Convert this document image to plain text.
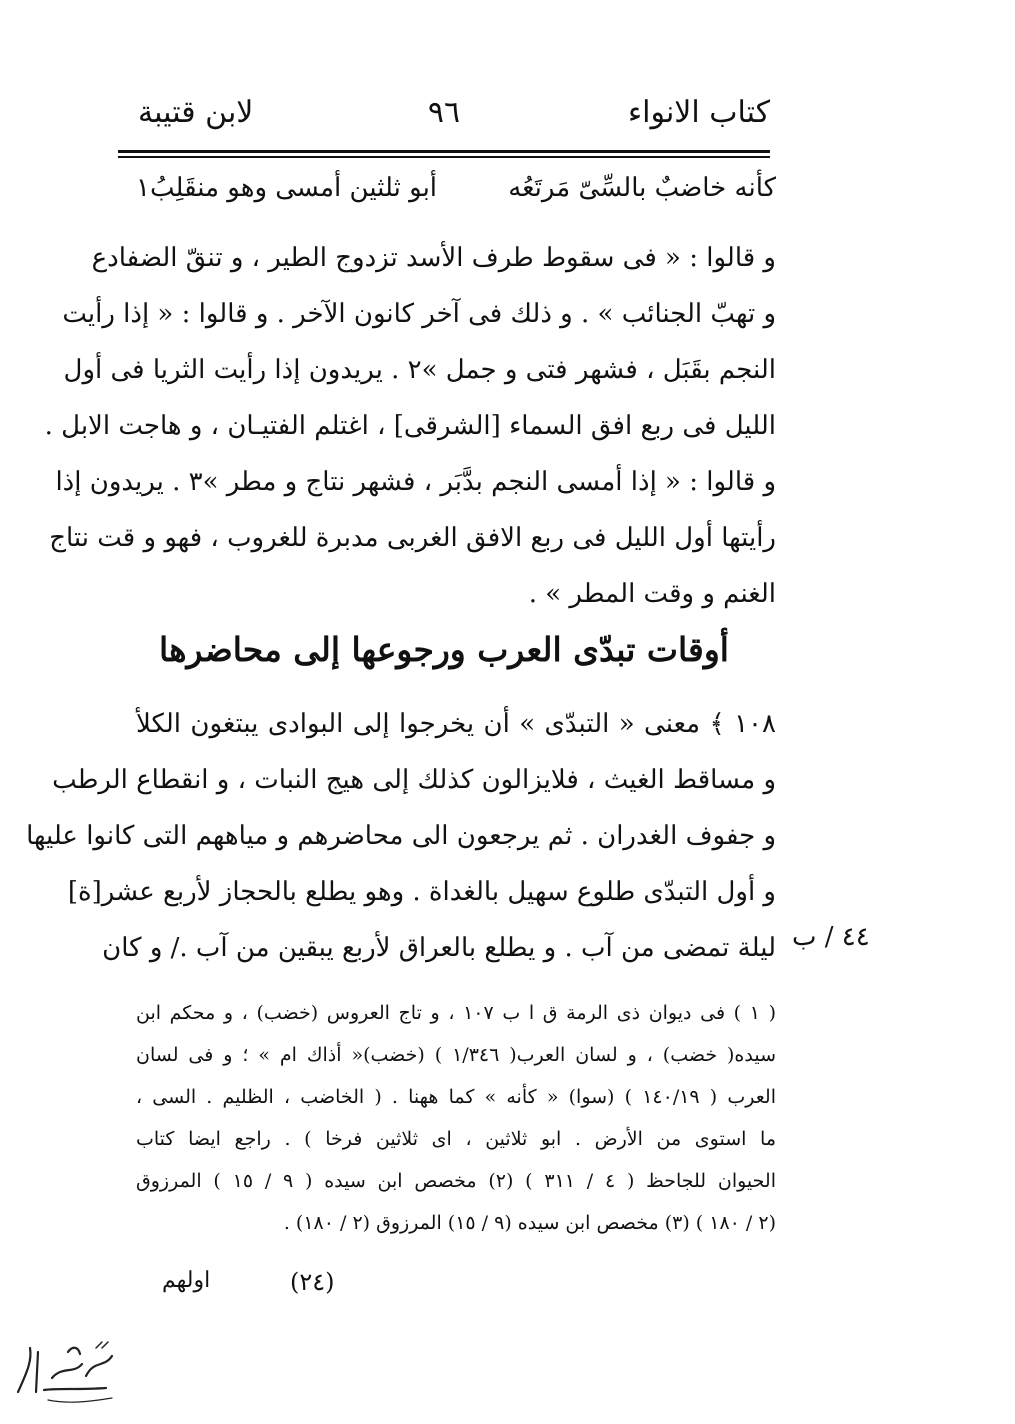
كتاب الانواء
٩٦
لابن قتيبة
كأنه خاضبٌ بالسِّىّ مَرتَعُه
أبو ثلثين أمسى وهو منقَلِبُ١
و قالوا : « فى سقوط طرف الأسد تزدوج الطير ، و تنقّ الضفادع
و تهبّ الجنائب » . و ذلك فى آخر كانون الآخر . و قالوا : « إذا رأيت
النجم بقَبَل ، فشهر فتى و جمل »٢ . يريدون إذا رأيت الثريا فى أول
الليل فى ربع افق السماء [الشرقى] ، اغتلم الفتيـان ، و هاجت الابل .
و قالوا : « إذا أمسى النجم بدَّبَر ، فشهر نتاج و مطر »٣ . يريدون إذا
رأيتها أول الليل فى ربع الافق الغربى مدبرة للغروب ، فهو و قت نتاج
الغنم و وقت المطر » .
أوقات تبدّى العرب ورجوعها إلى محاضرها
١٠٨ ﴾ معنى « التبدّى » أن يخرجوا إلى البوادى يبتغون الكلأ
و مساقط الغيث ، فلايزالون كذلك إلى هيج النبات ، و انقطاع الرطب
و جفوف الغدران . ثم يرجعون الى محاضرهم و مياههم التى كانوا عليها
و أول التبدّى طلوع سهيل بالغداة . وهو يطلع بالحجاز لأربع عشر[ة]
ليلة تمضى من آب . و يطلع بالعراق لأربع يبقين من آب ./ و كان ٤٤ / ب
( ١ ) فى ديوان ذى الرمة ق ا ب ١٠٧ ، و تاج العروس (خضب) ، و محكم ابن
سيده( خضب) ، و لسان العرب( ١/٣٤٦ ) (خضب)« أذاك ام » ؛ و فى لسان
العرب ( ١٤٠/١٩ ) (سوا) « كأنه » كما ههنا . ( الخاضب ، الظليم . السى ،
ما استوى من الأرض . ابو ثلاثين ، اى ثلاثين فرخا ) . راجع ايضا كتاب
الحيوان للجاحظ ( ٤ / ٣١١ ) (٢) مخصص ابن سيده ( ٩ / ١٥ ) المرزوق
(٢ / ١٨٠ ) (٣) مخصص ابن سيده (٩ / ١٥) المرزوق (٢ / ١٨٠) .
(٢٤)
اولهم
